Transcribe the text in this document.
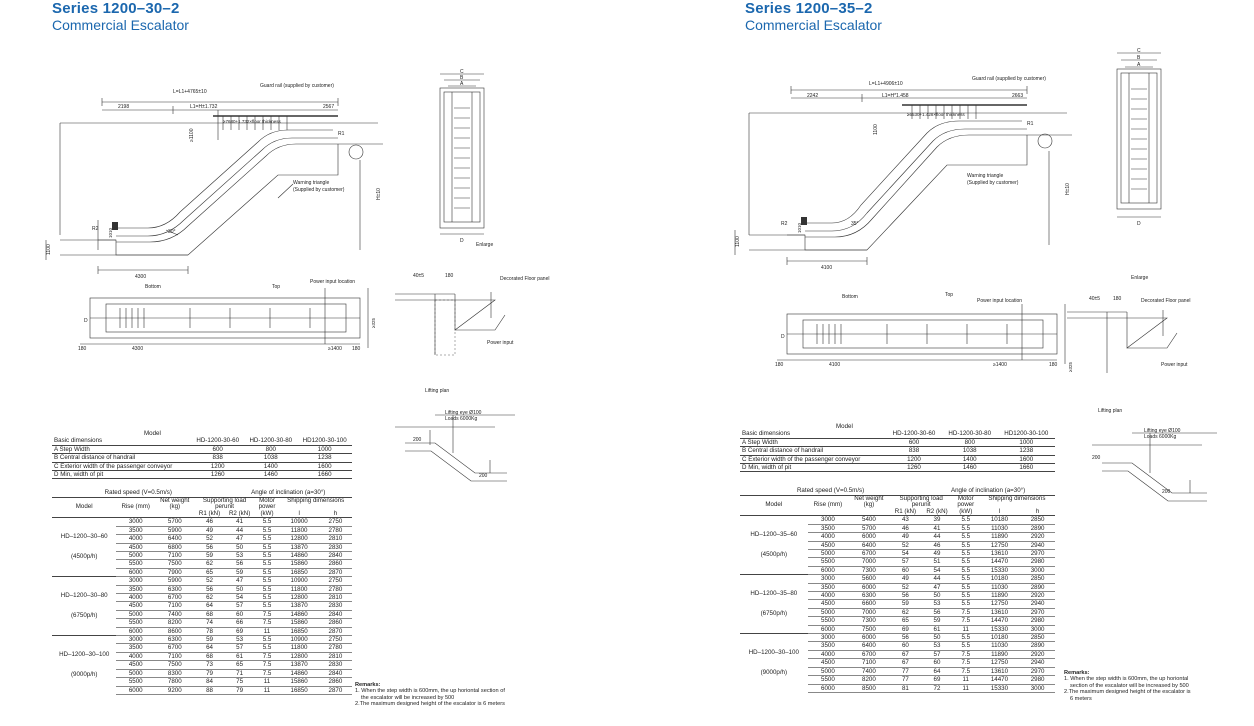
Series 1200–30–2
Commercial Escalator
L=L1+4765±10
L1=H±1.732
2198	2567
Guard rail (supplied by customer)
≥7680+1.732×floor thickness
≥1100
Warning triangle
(Supplied by customer)
R1
R2	30°
H±10
1100
1010
4300
C
B
A
D
Enlarge
Bottom	Top
Power input location
180	4300	≥1400 180
≥325
D
40±5	180	Decorated Floor panel
Power input
Lifting plan
Lifting eye Ø100
Loads 6000Kg
200
200
Model			
Basic dimensions	HD-1200-30-60	HD-1200-30-80	HD1200-30-100
A Step Width	600	800	1000
B Central distance of handrail	838	1038	1238
C Exterior width of the passenger conveyor	1200	1400	1600
D Min, width of pit	1260	1460	1660
Rated speed (V=0.5m/s)				Angle of inclination (a=30°)			
Model	Rise (mm)	Net weight	Supporting load		Motor	Shipping dimensions	
		(kg)	perunit		power		
			R1 (kN)	R2 (kN)	(kW)	l	h
HD–1200–30–60

(4500p/h)	3000	5700	46	41	5.5	10900	2750
	3500	5900	49	44	5.5	11800	2780
	4000	6400	52	47	5.5	12800	2810
	4500	6800	56	50	5.5	13870	2830
	5000	7100	59	53	5.5	14860	2840
	5500	7500	62	56	5.5	15860	2860
	6000	7900	65	59	5.5	16850	2870
HD–1200–30–80

(6750p/h)	3000	5900	52	47	5.5	10900	2750
	3500	6300	56	50	5.5	11800	2780
	4000	6700	62	54	5.5	12800	2810
	4500	7100	64	57	5.5	13870	2830
	5000	7400	68	60	7.5	14860	2840
	5500	8200	74	66	7.5	15860	2860
	6000	8600	78	69	11	16850	2870
HD–1200–30–100

(9000p/h)	3000	6300	59	53	5.5	10900	2750
	3500	6700	64	57	5.5	11800	2780
	4000	7100	68	61	7.5	12800	2810
	4500	7500	73	65	7.5	13870	2830
	5000	8300	79	71	7.5	14860	2840
	5500	7800	84	75	11	15860	2860
	6000	9200	88	79	11	16850	2870
Remarks:
1. When the step width is 600mm, the up horiontal section of
the escalator will be increased by 500
2.The maximum designed height of the escalator is 6 meters
Series 1200–35–2
Commercial Escalator
L=L1+4906±10
L1=H*1.458
2242	2663
Guard rail (supplied by customer)
≥6530+1.428×floor thickness
1100
Warning triangle
(Supplied by customer)
R1
R2	35°
H±10
1100
1010
4100
C
B
A
D
Enlarge
Bottom	Top
Power input location
180	4100	≥1400	180 ≥325
D
40±5	180	Decorated Floor panel
Power input
Lifting plan
Lifting eye Ø100
Loads 6000Kg
200
200
Model			
Basic dimensions	HD-1200-30-60	HD-1200-30-80	HD1200-30-100
A Step Width	600	800	1000
B Central distance of handrail	838	1038	1238
C Exterior width of the passenger conveyor	1200	1400	1600
D Min, width of pit	1260	1460	1660
Rated speed (V=0.5m/s)				Angle of inclination (a=30°)			
Model	Rise (mm)	Net weight	Supporting load		Motor	Shipping dimensions	
		(kg)	perunit		power		
			R1 (kN)	R2 (kN)	(kW)	l	h
HD–1200–35–60

(4500p/h)	3000	5400	43	39	5.5	10180	2850
	3500	5700	46	41	5.5	11030	2890
	4000	6000	49	44	5.5	11890	2920
	4500	6400	52	46	5.5	12750	2940
	5000	6700	54	49	5.5	13610	2970
	5500	7000	57	51	5.5	14470	2980
	6000	7300	60	54	5.5	15330	3000
HD–1200–35–80

(6750p/h)	3000	5600	49	44	5.5	10180	2850
	3500	6000	52	47	5.5	11030	2890
	4000	6300	56	50	5.5	11890	2920
	4500	6600	59	53	5.5	12750	2940
	5000	7000	62	56	7.5	13610	2970
	5500	7300	65	59	7.5	14470	2980
	6000	7500	69	61	11	15330	3000
HD–1200–30–100

(9000p/h)	3000	6000	56	50	5.5	10180	2850
	3500	6400	60	53	5.5	11030	2890
	4000	6700	67	57	7.5	11890	2920
	4500	7100	67	60	7.5	12750	2940
	5000	7400	77	64	7.5	13610	2970
	5500	8200	77	69	11	14470	2980
	6000	8500	81	72	11	15330	3000
Remarks:
1. When the step width is 600mm, the up horiontal
section of the escalator will be increased by 500
2.The maximum designed height of the escalator is
6 meters
